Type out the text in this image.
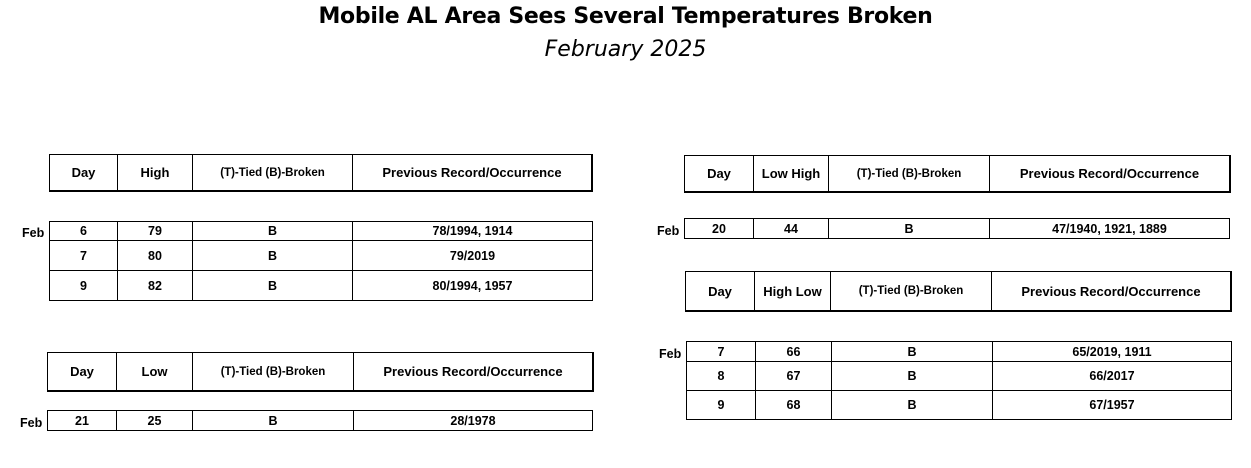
Mobile AL Area Sees Several Temperatures Broken
February 2025
Day	High	(T)-Tied (B)-Broken	Previous Record/Occurrence
Feb	6	79	B	78/1994, 1914
7	80	B	79/2019
9	82	B	80/1994, 1957
Day	Low	(T)-Tied (B)-Broken	Previous Record/Occurrence
Feb	21	25	B	28/1978
Day	Low High	(T)-Tied (B)-Broken	Previous Record/Occurrence
Feb	20	44	B	47/1940, 1921, 1889
Day	High Low	(T)-Tied (B)-Broken	Previous Record/Occurrence
Feb	7	66	B	65/2019, 1911
8	67	B	66/2017
9	68	B	67/1957
